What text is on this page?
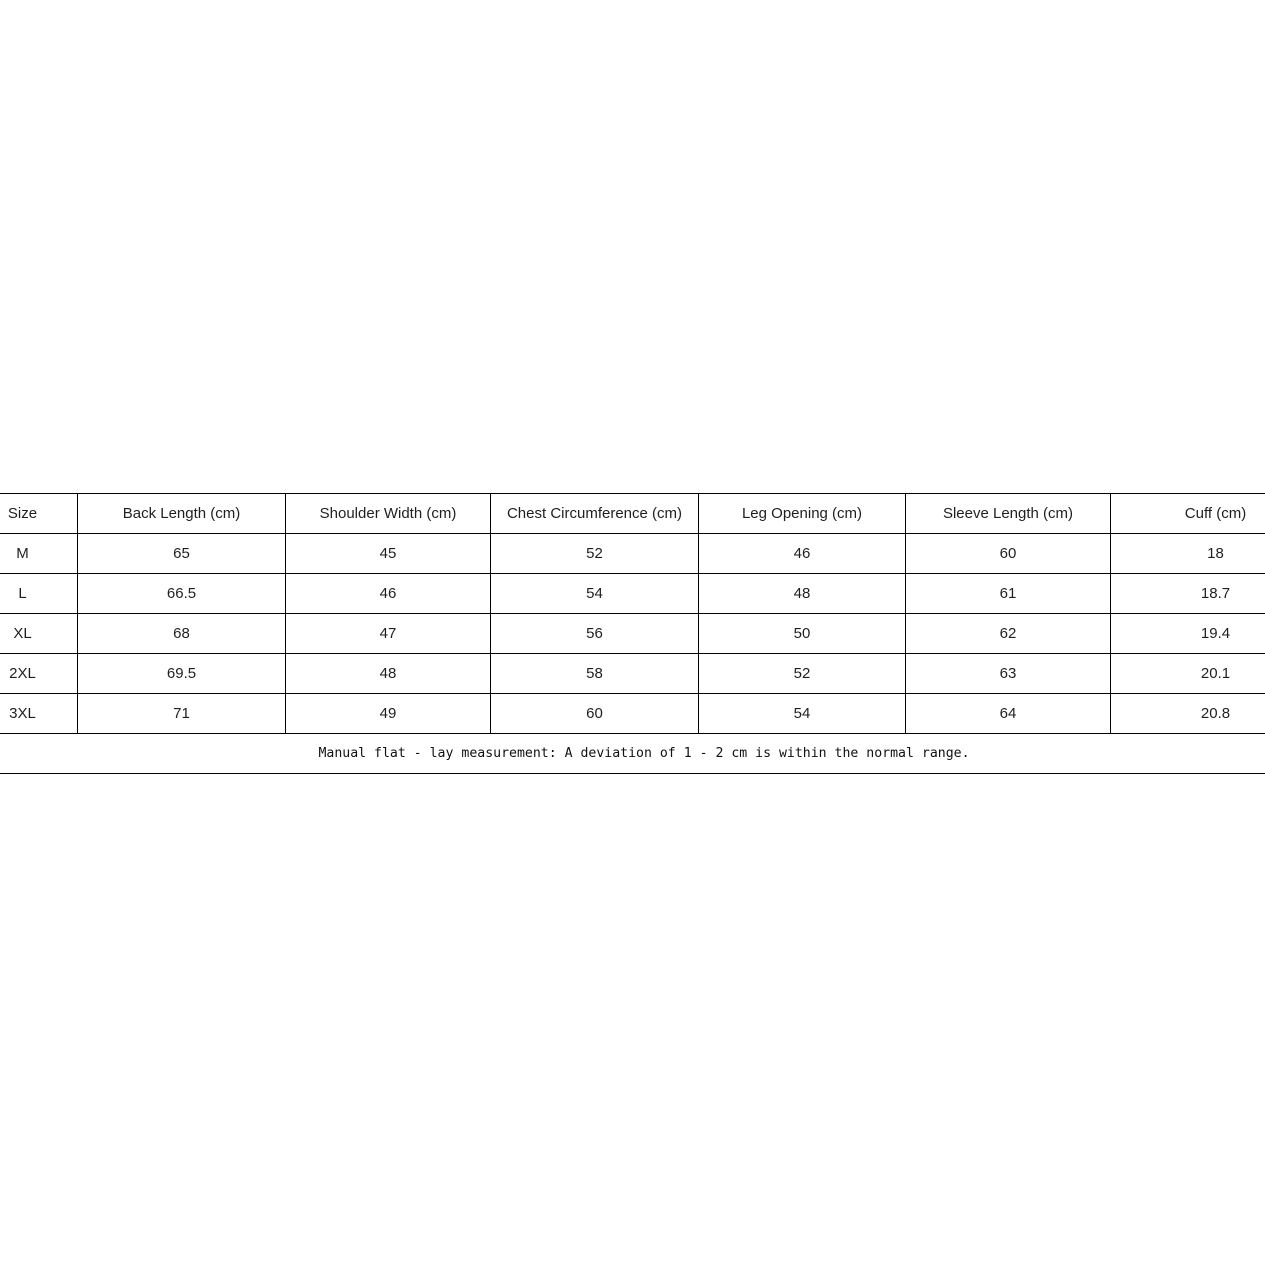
Size	Back Length (cm)	Shoulder Width (cm)	Chest Circumference (cm)	Leg Opening (cm)	Sleeve Length (cm)	Cuff (cm)
M	65	45	52	46	60	18
L	66.5	46	54	48	61	18.7
XL	68	47	56	50	62	19.4
2XL	69.5	48	58	52	63	20.1
3XL	71	49	60	54	64	20.8
Manual flat - lay measurement: A deviation of 1 - 2 cm is within the normal range.						
